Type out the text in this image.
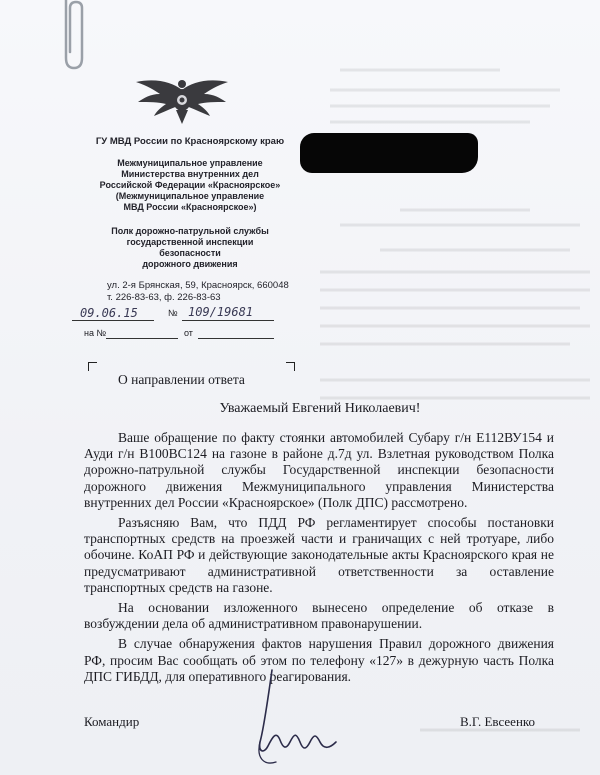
ГУ МВД России по Красноярскому краю
Межмуниципальное управление
Министерства внутренних дел
Российской Федерации «Красноярское»
(Межмуниципальное управление
МВД России «Красноярское»)
Полк дорожно-патрульной службы
государственной инспекции
безопасности
дорожного движения
ул. 2-я Брянская, 59, Красноярск, 660048
т. 226-83-63, ф. 226-83-63
09.06.15	№ 109/19681
на №	от
О направлении ответа
Уважаемый Евгений Николаевич!

Ваше обращение по факту стоянки автомобилей Субару г/н Е112ВУ154 и Ауди г/н В100ВС124 на газоне в районе д.7д ул. Взлетная руководством Полка дорожно-патрульной службы Государственной инспекции безопасности дорожного движения Межмуниципального управления Министерства внутренних дел России «Красноярское» (Полк ДПС) рассмотрено.

Разъясняю Вам, что ПДД РФ регламентирует способы постановки транспортных средств на проезжей части и граничащих с ней тротуаре, либо обочине. КоАП РФ и действующие законодательные акты Красноярского края не предусматривают административной ответственности за оставление транспортных средств на газоне.

На основании изложенного вынесено определение об отказе в возбуждении дела об административном правонарушении.

В случае обнаружения фактов нарушения Правил дорожного движения РФ, просим Вас сообщать об этом по телефону «127» в дежурную часть Полка ДПС ГИБДД, для оперативного реагирования.

Командир	В.Г. Евсеенко
